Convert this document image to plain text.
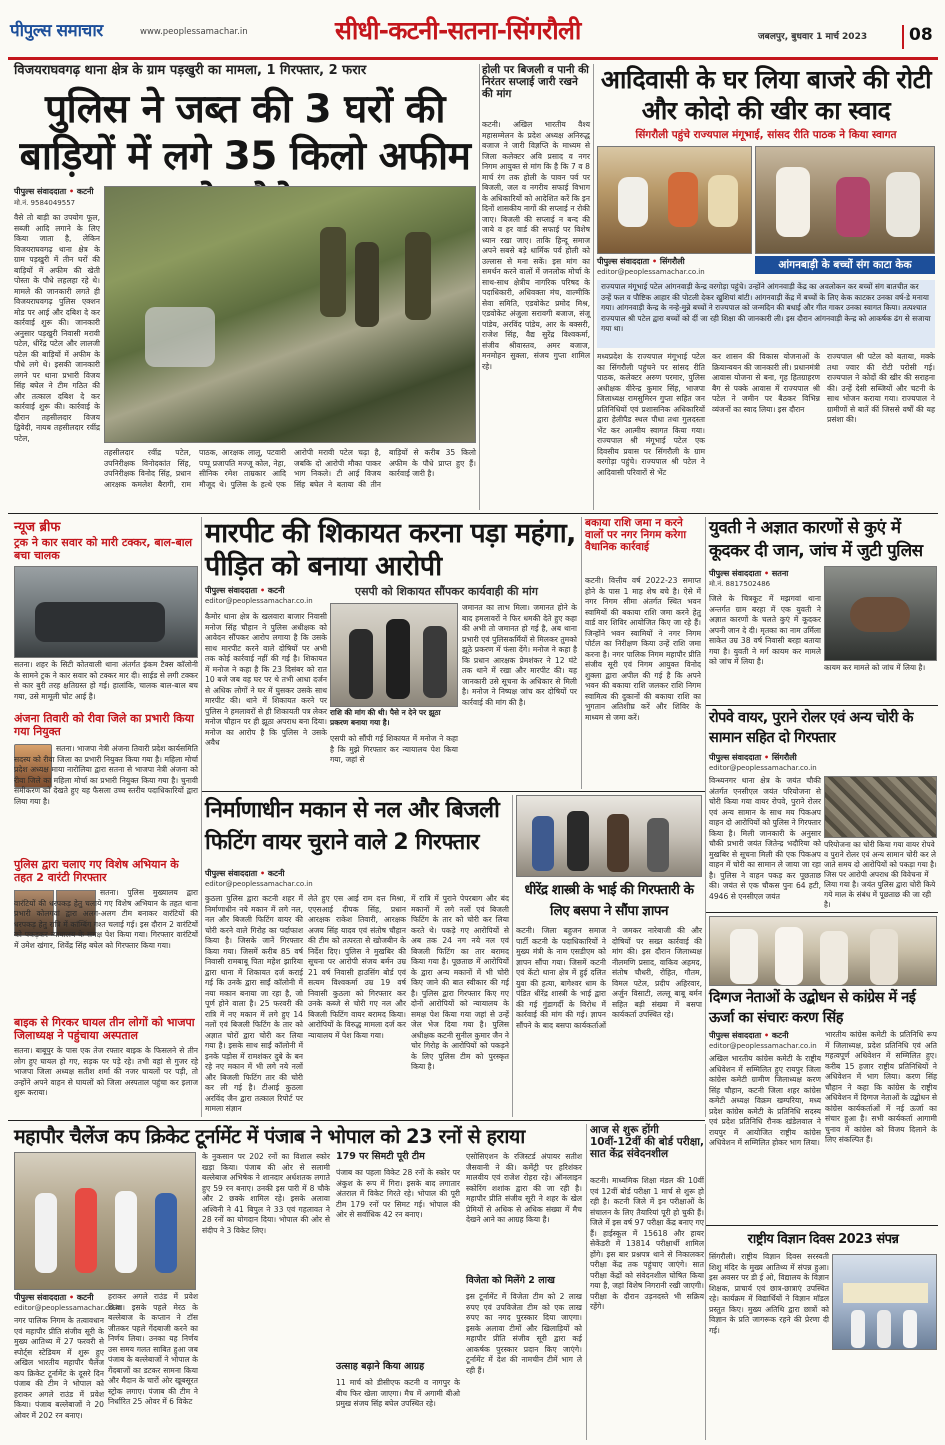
पीपुल्स समाचार	www.peoplessamachar.in	सीधी-कटनी-सतना-सिंगरौली	जबलपुर, बुधवार 1 मार्च 2023	08
विजयराघवगढ़ थाना क्षेत्र के ग्राम पड़खुरी का मामला, 1 गिरफ्तार, 2 फरार
पुलिस ने जब्त की 3 घरों की बाड़ियों में लगे 35 किलो अफीम
पीपुल्स संवाददाता • कटनी
मो.नं. 9584049557
वैसे तो बाड़ी का उपयोग फूल, सब्जी आदि लगाने के लिए किया जाता है, लेकिन विजयराघवगढ़ थाना क्षेत्र के ग्राम पड़खुरी में तीन घरों की बाड़ियों में अफीम की खेती पोस्ता के पौधे लहलहा रहे थे। मामले की जानकारी लगते ही विजयराघवगढ़ पुलिस एक्शन मोड पर आई और दबिश दे कर कार्रवाई शुरू की। जानकारी अनुसार पड़खुरी निवासी मरावी पटेल, धीरेंद्र पटेल और लालजी पटेल की बाड़ियों में अफीम के पौधे लगे थे। इसकी जानकारी लगने पर थाना प्रभारी विजय सिंह बघेल ने टीम गठित की और तत्काल दबिश दे कर कार्रवाई शुरू की। कार्रवाई के दौरान तहसीलदार विजय द्विवेदी, नायब तहसीलदार रवींद्र पटेल,
तहसीलदार रवींद्र पटेल, उपनिरीक्षक विनोदकांत सिंह, उपनिरीक्षक विनोद सिंह, प्रधान आरक्षक कमलेश बैरागी, राम पाठक, आरक्षक लालू, पटवारी पप्पू प्रजापति मज्जू कोल, नेहा, सीनिक रमेश ताम्रकार आदि मौजूद थे। पुलिस के हत्थे एक आरोपी मरावी पटेल चढ़ा है, जबकि दो आरोपी मौका पाकर भाग निकले। टी आई विजय सिंह बघेल ने बताया की तीन बाड़ियों से करीब 35 किलो अफीम के पौधे प्राप्त हुए हैं। कार्रवाई जारी है।
होली पर बिजली व पानी की निरंतर सप्लाई जारी रखने की मांग
कटनी। अखिल भारतीय वैश्य महासम्मेलन के प्रदेश अध्यक्ष अनिरुद्ध बजाज ने जारी विज्ञप्ति के माध्यम से जिला कलेक्टर अवि प्रसाद व नगर निगम आयुक्त से मांग कि है कि 7 व 8 मार्च रंग तक होली के पावन पर्व पर बिजली, जल व नगरीय सफाई विभाग के अधिकारियों को आदेशित करें कि इन दिनों शासकीय नागों की सप्लाई न रोकी जाए। बिजली की सप्लाई न बन्द की जाये व हर वार्ड की सफाई पर विशेष ध्यान रखा जाए। ताकि हिन्दू समाज अपने सबसे बड़े धार्मिक पर्व होली को उल्लास से मना सकें। इस मांग का समर्थन करने वालों में जनलोक मोर्चा के साथ-साथ क्षेत्रीय नागरिक परिषद के पदाधिकारी, अधिवक्ता मंच, वाल्मीकि सेवा समिति, एडवोकेट प्रमोद मिश्र, एडवोकेट अंजुला सरावगी बजाज, संजू पांडेय, अरविंद पांडेय, आर के बक्सरी, राजेश सिंह, वैद्य सुरेंद्र विश्वकर्मा, संजीव श्रीवास्तव, अमर बजाज, मनमोहन सुक्ला, संजय गुप्ता शामिल रहे।
आदिवासी के घर लिया बाजरे की रोटी और कोदो की खीर का स्वाद
सिंगरौली पहुंचे राज्यपाल मंगूभाई, सांसद रीति पाठक ने किया स्वागत
पीपुल्स संवाददाता • सिंगरौली
editor@peoplessamachar.co.in
आंगनबाड़ी के बच्चों संग काटा केक
राज्यपाल मंगूभाई पटेल आंगनवाड़ी केन्द्र वरगोड़ा पहुंचे। उन्होंने आंगनवाड़ी केंद्र का अवलोकन कर बच्चों संग बातचीत कर उन्हें फल व पौष्टिक आहार की पोटली देकर खुशियां बांटी। आंगनवाड़ी केंद्र में बच्चों के लिए केक काटकर उनका वर्ष-डे मनाया गया। आंगनवाड़ी केन्द्र के नन्हे-मुन्ने बच्चों ने राज्यपाल को जन्मदिन की बधाई और गीत गाकर उनका स्वागत किया। तत्पश्चात राज्यपाल श्री पटेल द्वारा बच्चों को दीं जा रही शिक्षा की जानकारी ली। इस दौरान आंगनवाड़ी केन्द्र को आकर्षक ढंग से सजाया गया था।
मध्यप्रदेश के राज्यपाल मंगूभाई पटेल का सिंगरौली पहुंचने पर सांसद रीति पाठक, कलेक्टर अरुण परमार, पुलिस अधीक्षक वीरेन्द्र कुमार सिंह, भाजपा जिलाध्यक्ष रामसुमिरन गुप्ता सहित जन प्रतिनिधियों एवं प्रशासनिक अधिकारियों द्वारा हेलीपैड स्थल पौधा तथा गुलदस्ता भेंट कर आत्मीय स्वागत किया गया। राज्यपाल श्री मंगूभाई पटेल एक दिवसीय प्रवास पर सिंगरौली के ग्राम वरगोड़ा पहुंचे। राज्यपाल श्री पटेल ने आदिवासी परिवारों से भेंट
कर शासन की विकास योजनाओं के क्रियान्वयन की जानकारी ली। प्रधानमंत्री आवास योजना से बना, गृह हितग्राहरण बैग से पक्के आवास में राज्यपाल श्री पटेल ने जमीन पर बैठकर विभिन्न व्यंजनों का स्वाद लिया। इस दौरान
राज्यपाल श्री पटेल को बताया, मक्के तथा ज्वार की रोटी परोसी गई। राज्यपाल ने कोदों की खीर की सराहना की। उन्हें देसी सब्जियों और चटनी के साथ भोजन कराया गया। राज्यपाल ने ग्रामीणों से बातें कीं जिससे वर्षों की यह प्रसंशा की।
न्यूज ब्रीफ
ट्रक ने कार सवार को मारी टक्कर, बाल-बाल बचा चालक
सतना। शहर के सिटी कोतवाली थाना अंतर्गत इंकम टैक्स कॉलोनी के सामने ट्रक ने कार सवार को टक्कर मार दी। साईड से लगी टक्कर से कार बुरी तरह क्षतिग्रस्त हो गई। हालांकि, चालक बाल-बाल बच गया, उसे मामूली चोट आई है।
अंजना तिवारी को रीवा जिले का प्रभारी किया गया नियुक्त
सतना। भाजपा नेत्री अंजना तिवारी प्रदेश कार्यसमिति सदस्य को रीवा जिला का प्रभारी नियुक्त किया गया है। महिला मोर्चा प्रदेश अध्यक्ष माया नारोलिया द्वारा सतना से भाजपा नेत्री अंजना को रीवा जिले का महिला मोर्चा का प्रभारी नियुक्त किया गया है। चुनावी समीकरण को देखते हुए यह फैसला उच्च स्तरीय पदाधिकारियों द्वारा लिया गया है।
पुलिस द्वारा चलाए गए विशेष अभियान के तहत 2 वारंटी गिरफ्तार
सतना। पुलिस मुख्यालय द्वारा वारंटियों की धरपकड़ हेतु चलाये गए विशेष अभियान के तहत थाना प्रभारी कोलगवां द्वारा अलग-अलग टीम बनाकर वारंटियों की धरपकड़ हेतु रात्रि में कांम्बिंग गश्त चलाई गई। इस दौरान 2 वारंटियों को पकड़कर न्यायालय के समक्ष पेश किया गया। गिरफ्तार वारंटियों में उमेश खंगार, शिवेंद्र सिंह बघेल को गिरफ्तार किया गया।
बाइक से गिरकर घायल तीन लोगों को भाजपा जिलाध्यक्ष ने पहुंचाया अस्पताल
सतना। बाबूपुर के पास एक तेज रफ्तार बाइक के फिसलने से तीन लोग हुए घायल हो गए, सड़क पर पड़े रहे। तभी वहां से गुजर रहे भाजपा जिला अध्यक्ष सतीश शर्मा की नजर घायलों पर पड़ी, तो उन्होंने अपने वाहन से घायलों को जिला अस्पताल पहुंचा कर इलाज शुरू कराया।
मारपीट की शिकायत करना पड़ा महंगा, पीड़ित को बनाया आरोपी
एसपी को शिकायत सौंपकर कार्यवाही की मांग
पीपुल्स संवाददाता • कटनी
editor@peoplessamachar.co.in
कैमोर थाना क्षेत्र के खलवारा बाजार निवासी मनोज सिंह चौहान ने पुलिस अधीक्षक को आवेदन सौंपकर आरोप लगाया है कि उसके साथ मारपीट करने वाले दोषियों पर अभी तक कोई कार्रवाई नहीं की गई है। शिकायत में मनोज ने कहा है कि 23 दिसंबर को रात 10 बजे जब वह घर पर थे तभी आधा दर्जन से अधिक लोगों ने घर में घुसकर उसके साथ मारपीट की। थाने में शिकायत करने पर पुलिस ने हमलावरों से ही शिकायती पत्र लेकर मनोज चौहान पर ही झूठा अपराध बना दिया। मनोज का आरोप है कि पुलिस ने उसके अवैध
राशि की मांग की थी। पैसे न देने पर झूठा प्रकरण बनाया गया है।
एसपी को सौंपी गई शिकायत में मनोज ने कहा है कि मुझे गिरफ्तार कर न्यायालय पेश किया गया, जहां से
जमानत का लाभ मिला। जमानत होने के बाद हमलावरों ने फिर धमकी देते हुए कहा की अभी तो जमानत हो गई है, अब थाना प्रभारी एवं पुलिसकर्मियों से मिलकर तुमको झूठे प्रकरण में फंसा देंगे। मनोज ने कहा है कि प्रधान आरक्षक प्रेमशंकर ने 12 घंटे तक थाने में रखा और मारपीट की। यह जानकारी उसे सूचना के अधिकार से मिली है। मनोज ने निष्पक्ष जांच कर दोषियों पर कार्रवाई की मांग की है।
बकाया राशि जमा न करने वालों पर नगर निगम करेगा वैधानिक कार्रवाई
कटनी। वित्तीय वर्ष 2022-23 समाप्त होने के पास 1 माह शेष बचे है। ऐसे में नगर निगम सीमा अंतर्गत स्थित भवन स्वामियों की बकाया राशि जमा करने हेतु वार्ड वार शिविर आयोजित किए जा रहे हैं। जिन्होंने भवन स्वामियों ने नगर निगम पोर्टल का निरीक्षण किया उन्हें राशि जमा करना है। नगर पालिक निगम महापौर प्रीति संजीव सूरी एवं निगम आयुक्त विनोद शुक्ला द्वारा अपील की गई है कि अपने भवन की बकाया राशि जलकर राशि निगम स्वामित्व की दुकानों की बकाया राशि का भुगतान अतिशीघ्र करें और शिविर के माध्यम से जमा करें।
युवती ने अज्ञात कारणों से कुएं में कूदकर दी जान, जांच में जुटी पुलिस
पीपुल्स संवाददाता • सतना
मो.नं. 8817502486
जिले के चित्रकूट में मझगवां थाना अन्तर्गत ग्राम बरहा में एक युवती ने अज्ञात कारणों के चलते कुएं में कूदकर अपनी जान दे दी। मृतका का नाम उर्मिला साकेत उम्र 38 वर्ष निवासी बरहा बताया गया है। युवती ने मर्ग कायम कर मामले को जांच में लिया है।
कायम कर मामले को जांच में लिया है।
रोपवे वायर, पुराने रोलर एवं अन्य चोरी के सामान सहित दो गिरफ्तार
पीपुल्स संवाददाता • सिंगरौली
editor@peoplessamachar.co.in
विन्ध्यनगर थाना क्षेत्र के जयंत चौकी अंतर्गत एनसीएल जयंत परियोजना से चोरी किया गया वायर रोपवे, पुराने रोलर एवं अन्य सामान के साथ मय पिकअप वाहन दो आरोपियों को पुलिस ने गिरफ्तार किया है। मिली जानकारी के अनुसार चौकी प्रभारी जयंत जितेन्द्र भदौरिया को मुखबिर से सूचना मिली की एक पिकअप वाहन में चोरी का सामान ले जाया जा रहा है। पुलिस ने वाहन पकड़ कर पूछताछ की। जयंत से एक चौकस पुनः 64 हटी, 4946 से एनसीएल जयंत
परियोजना का चोरी किया गया वायर रोपवे व पुराने रोलर एवं अन्य सामान चोरी कर ले जाते समय दो आरोपियों को पकड़ा गया है। जिस पर आरोपी अपराध की विवेचना में लिया गया है। जयंत पुलिस द्वारा चोरी किये गये माल के संबंध में पूछताछ की जा रही है।
दिग्गज नेताओं के उद्बोधन से कांग्रेस में नई ऊर्जा का संचारः करण सिंह
पीपुल्स संवाददाता • कटनी
editor@peoplessamachar.co.in
अखिल भारतीय कांग्रेस कमेटी के राष्ट्रीय अधिवेशन में सम्मिलित हुए रायपुर जिला कांग्रेस कमेटी ग्रामीण जिलाध्यक्ष करण सिंह चौहान, कटनी जिला शहर कांग्रेस कमेटी अध्यक्ष विक्रम खम्परिया, मध्य प्रदेश कांग्रेस कमेटी के प्रतिनिधि सदस्य एवं प्रदेश प्रतिनिधि रौनक खंडेलवाल ने रायपुर में आयोजित राष्ट्रीय कांग्रेस अधिवेशन में सम्मिलित होकर भाग लिया।
भारतीय कांग्रेस कमेटी के प्रतिनिधि रूप में जिलाध्यक्ष, प्रदेश प्रतिनिधि एवं अति महत्वपूर्ण अधिवेशन में सम्मिलित हुए। करीब 15 हजार राष्ट्रीय प्रतिनिधियों ने अधिवेशन में भाग लिया। करण सिंह चौहान ने कहा कि कांग्रेस के राष्ट्रीय अधिवेशन में दिग्गज नेताओं के उद्बोधन से कांग्रेस कार्यकर्ताओं में नई ऊर्जा का संचार हुआ है। सभी कार्यकर्ता आगामी चुनाव में कांग्रेस को विजय दिलाने के लिए संकल्पित हैं।
निर्माणाधीन मकान से नल और बिजली फिटिंग वायर चुराने वाले 2 गिरफ्तार
पीपुल्स संवाददाता • कटनी
editor@peoplessamachar.co.in
कुठला पुलिस द्वारा कटनी शहर में निर्माणाधीन नये मकान में लगे नल, नल और बिजली फिटिंग वायर की चोरी करने वाले गिरोह का पर्दाफाश किया है। जिसके जानें गिरफ्तार किया गया। जिसमें करीब 85 वर्ष निवासी रामबाबू पिता महेश झारिया द्वारा थाना में शिकायत दर्ज कराई गई कि उनके द्वारा साईं कॉलोनी में नया मकान बनाया जा रहा है, जो पूर्ण होने वाला है। 25 फरवरी की रात्रि में नए मकान में लगे हुए 14 नलों एवं बिजली फिटिंग के तार को अज्ञात चोरों द्वारा चोरी कर लिया गया है। इसके साथ साईं कॉलोनी में इनके पड़ोस में रामशंकर दुबे के बन रहे नए मकान में भी लगे नये नलों और बिजली फिटिंग तार की चोरी कर ली गई है। टीआई कुठला अरविंद जैन द्वारा तत्काल रिपोर्ट पर मामला संज्ञान
लेते हुए एस आई राम दत्त मिश्रा, एएसआई दीपक सिंह, प्रधान आरक्षक राकेश तिवारी, आरक्षक अजय सिंह यादव एवं संतोष चौहान की टीम को तत्परता से खोजबीन के निर्देश दिए। पुलिस ने मुखबिर की सूचना पर आरोपी संजय बर्मन उम्र 21 वर्ष निवासी हाउसिंग बोर्ड एवं सत्यम विश्वकर्मा उम्र 19 वर्ष निवासी कुठला को गिरफ्तार कर उनके कब्जे से चोरी गए नल और बिजली फिटिंग वायर बरामद किया। आरोपियों के विरुद्ध मामला दर्ज कर न्यायालय में पेश किया गया।
में रात्रि में पुराने पेपरबाग और बंद मकानों में लगे नलों एवं बिजली फिटिंग के तार को चोरी कर लिया करते थे। पकड़े गए आरोपियों से अब तक 24 नग नये नल एवं बिजली फिटिंग का तार बरामद किया गया है। पूछताछ में आरोपियों के द्वारा अन्य मकानों में भी चोरी किए जाने की बात स्वीकार की गई है। पुलिस द्वारा गिरफ्तार किए गए दोनों आरोपियों को न्यायालय के समक्ष पेश किया गया जहां से उन्हें जेल भेज दिया गया है। पुलिस अधीक्षक कटनी सुनील कुमार जैन ने चोर गिरोह के आरोपियों को पकड़ने के लिए पुलिस टीम को पुरस्कृत किया है।
धीरेंद्र शास्त्री के भाई की गिरफ्तारी के लिए बसपा ने सौंपा ज्ञापन
कटनी। जिला बहुजन समाज पार्टी कटनी के पदाधिकारियों ने मुख्य मंत्री के नाम एसडीएम को ज्ञापन सौंपा गया। जिसमें कटनी एवं केंटो थाना क्षेत्र में हुई दलित युवा की हत्या, बागेश्वर धाम के पंडित धीरेंद्र शास्त्री के भाई द्वारा की गई गुंडागर्दी के विरोध में कार्रवाई की मांग की गई। ज्ञापन सौंपने के बाद बसपा कार्यकर्ताओं ने जमकर नारेबाजी की और दोषियों पर सख्त कार्रवाई की मांग की। इस दौरान जिलाध्यक्ष नीलमणि प्रसाद, वाकिव अहमद, संतोष चौधरी, रोहित, गौतम, विमल पटेल, प्रदीप अहिरवार, अर्जुन विसाटी, लल्लू बाबू बर्मन सहित बड़ी संख्या में बसपा कार्यकर्ता उपस्थित रहे।
महापौर चैलेंज कप क्रिकेट टूर्नामेंट में पंजाब ने भोपाल को 23 रनों से हराया
पीपुल्स संवाददाता • कटनी
editor@peoplessamachar.co.in
नगर पालिक निगम के तत्वावधान एवं महापौर प्रीति संजीव सूरी के मुख्य आतिथ्य में 27 फरवरी से स्पोर्ट्स स्टेडियम में शुरू हुए अखिल भारतीय महापौर चैलेंज कप क्रिकेट टूर्नामेंट के दूसरे दिन पंजाब की टीम ने भोपाल को हराकर अगले राउंड में प्रवेश किया। पंजाब बल्लेबाजों ने 20 ओवर में 202 रन बनाए।
हराकर अगले राउंड में प्रवेश किया। इसके पहले मेरठ के बल्लेबाज के कप्तान ने टॉस जीतकर पहले गेंदबाजी करने का निर्णय लिया। उनका यह निर्णय उस समय गलत साबित हुआ जब पंजाब के बल्लेबाजों ने भोपाल के गेंदबाजों का डटकर सामना किया और मैदान के चारों ओर खूबसूरत स्ट्रोक लगाए। पंजाब की टीम ने निर्धारित 25 ओवर में 6 विकेट
के नुकसान पर 202 रनों का विशाल स्कोर खड़ा किया। पंजाब की ओर से सलामी बल्लेबाज अभिषेक ने शानदार अर्धशतक लगाते हुए 59 रन बनाए। उनकी इस पारी में 8 चौके और 2 छक्के शामिल रहे। इसके अलावा अश्विनी ने 41 बिपुल ने 33 एवं गहलावत ने 28 रनों का योगदान दिया। भोपाल की ओर से संदीप ने 3 विकेट लिए।
179 पर सिमटी पूरी टीम
पंजाब का पहला विकेट 28 रनों के स्कोर पर अंकुश के रूप में गिरा। इसके बाद लगातार अंतराल में विकेट गिरते रहे। भोपाल की पूरी टीम 179 रनों पर सिमट गई। भोपाल की ओर से सर्वाधिक 42 रन बनाए।
उत्साह बढ़ाने किया आग्रह
11 मार्च को डीसीएफ कटनी व नागपुर के बीच फिर खेला जाएगा। मैच में अगामी बीओ प्रमुख संजय सिंह बघेल उपस्थित रहे।
एसोसिएशन के रजिस्टर्ड अंपायर सतीश जैसवानी ने की। कमेंट्री पर हरिशंकर मालवीय एवं राजेश रोहरा रहे। ऑनलाइन स्कोरिंग शशांक द्वारा की जा रही है। महापौर प्रीति संजीव सूरी ने शहर के खेल प्रेमियों से अधिक से अधिक संख्या में मैच देखने आने का आग्रह किया है।
विजेता को मिलेंगे 2 लाख
इस टूर्नामेंट में विजेता टीम को 2 लाख रुपए एवं उपविजेता टीम को एक लाख रुपए का नगद पुरस्कार दिया जाएगा। इसके अलावा टीमों और खिलाड़ियों को महापौर प्रीति संजीव सूरी द्वारा कई आकर्षक पुरस्कार प्रदान किए जाएंगे। टूर्नामेंट में देश की नामचीन टीमें भाग ले रही हैं।
आज से शुरू होंगी 10वीं-12वीं की बोर्ड परीक्षा, सात केंद्र संवेदनशील
कटनी। माध्यमिक शिक्षा मंडल की 10वीं एवं 12वीं बोर्ड परीक्षा 1 मार्च से शुरू हो रही है। कटनी जिले में इन परीक्षाओं के संचालन के लिए तैयारियां पूरी हो चुकी हैं। जिले में इस वर्ष 97 परीक्षा केंद्र बनाए गए हैं। हाईस्कूल में 15618 और हायर सेकेंडरी में 13814 परीक्षार्थी शामिल होंगे। इस बार प्रश्नपत्र थाने से निकालकर परीक्षा केंद्र तक पहुंचाए जाएंगे। सात परीक्षा केंद्रों को संवेदनशील घोषित किया गया है, जहां विशेष निगरानी रखी जाएगी। परीक्षा के दौरान उड़नदस्ते भी सक्रिय रहेंगे।
राष्ट्रीय विज्ञान दिवस 2023 संपन्न
सिंगरौली। राष्ट्रीय विज्ञान दिवस सरस्वती शिशु मंदिर के मुख्य आतिथ्य में संपन्न हुआ। इस अवसर पर डी ई ओ, विद्यालय के विज्ञान शिक्षक, प्राचार्य एवं छात्र-छात्राएं उपस्थित रहे। कार्यक्रम में विद्यार्थियों ने विज्ञान मॉडल प्रस्तुत किए। मुख्य अतिथि द्वारा छात्रों को विज्ञान के प्रति जागरूक रहने की प्रेरणा दी गई।
